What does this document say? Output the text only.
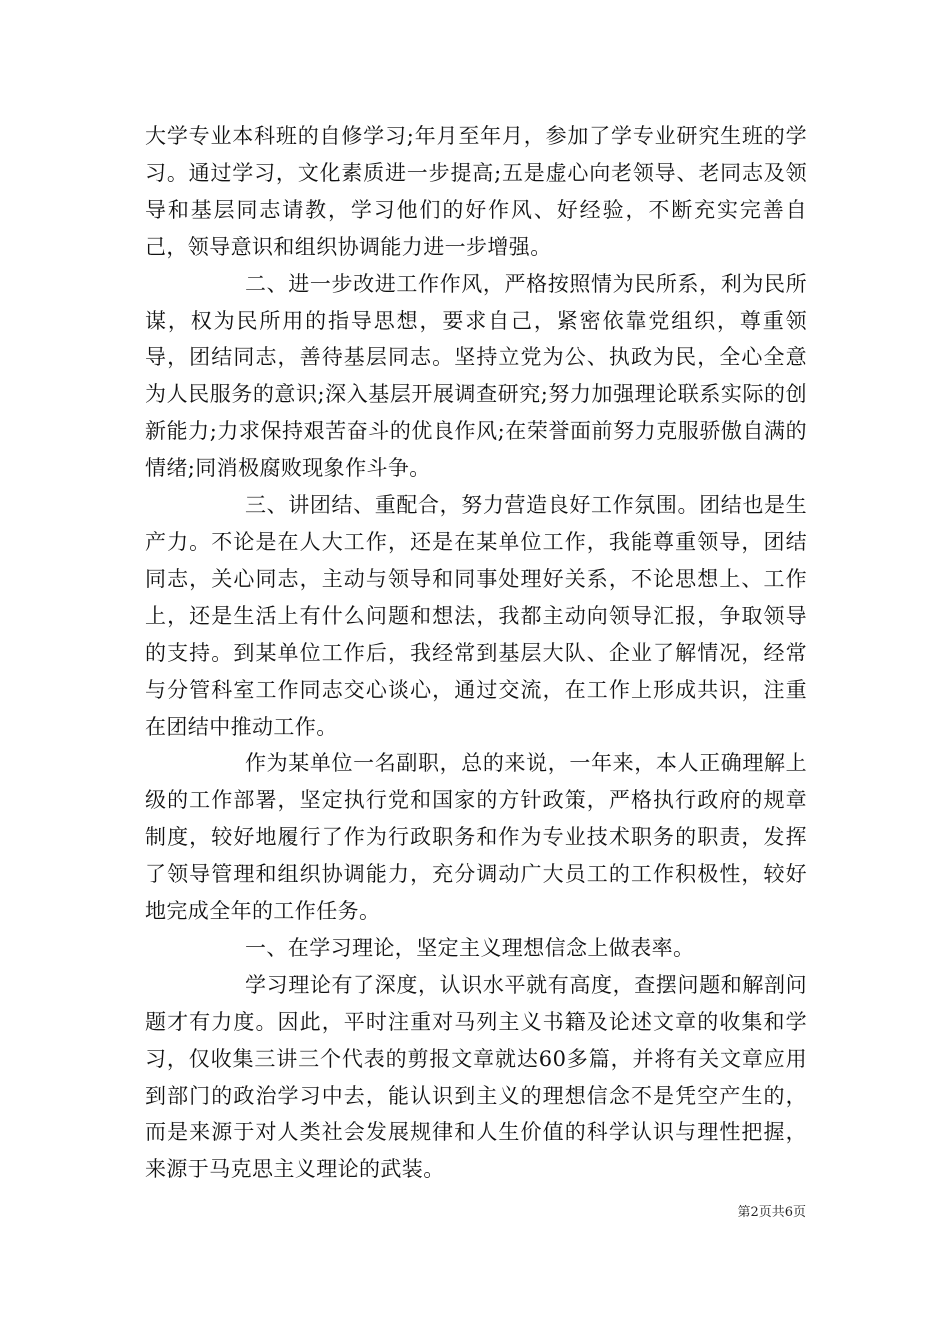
大学专业本科班的自修学习;年月至年月，参加了学专业研究生班的学习。通过学习，文化素质进一步提高;五是虚心向老领导、老同志及领导和基层同志请教，学习他们的好作风、好经验，不断充实完善自己，领导意识和组织协调能力进一步增强。

二、进一步改进工作作风，严格按照情为民所系，利为民所谋，权为民所用的指导思想，要求自己，紧密依靠党组织，尊重领导，团结同志，善待基层同志。坚持立党为公、执政为民，全心全意为人民服务的意识;深入基层开展调查研究;努力加强理论联系实际的创新能力;力求保持艰苦奋斗的优良作风;在荣誉面前努力克服骄傲自满的情绪;同消极腐败现象作斗争。

三、讲团结、重配合，努力营造良好工作氛围。团结也是生产力。不论是在人大工作，还是在某单位工作，我能尊重领导，团结同志，关心同志，主动与领导和同事处理好关系，不论思想上、工作上，还是生活上有什么问题和想法，我都主动向领导汇报，争取领导的支持。到某单位工作后，我经常到基层大队、企业了解情况，经常与分管科室工作同志交心谈心，通过交流，在工作上形成共识，注重在团结中推动工作。

作为某单位一名副职，总的来说，一年来，本人正确理解上级的工作部署，坚定执行党和国家的方针政策，严格执行政府的规章制度，较好地履行了作为行政职务和作为专业技术职务的职责，发挥了领导管理和组织协调能力，充分调动广大员工的工作积极性，较好地完成全年的工作任务。

一、在学习理论，坚定主义理想信念上做表率。

学习理论有了深度，认识水平就有高度，查摆问题和解剖问题才有力度。因此，平时注重对马列主义书籍及论述文章的收集和学习，仅收集三讲三个代表的剪报文章就达60多篇，并将有关文章应用到部门的政治学习中去，能认识到主义的理想信念不是凭空产生的，而是来源于对人类社会发展规律和人生价值的科学认识与理性把握，来源于马克思主义理论的武装。

第2页共6页
